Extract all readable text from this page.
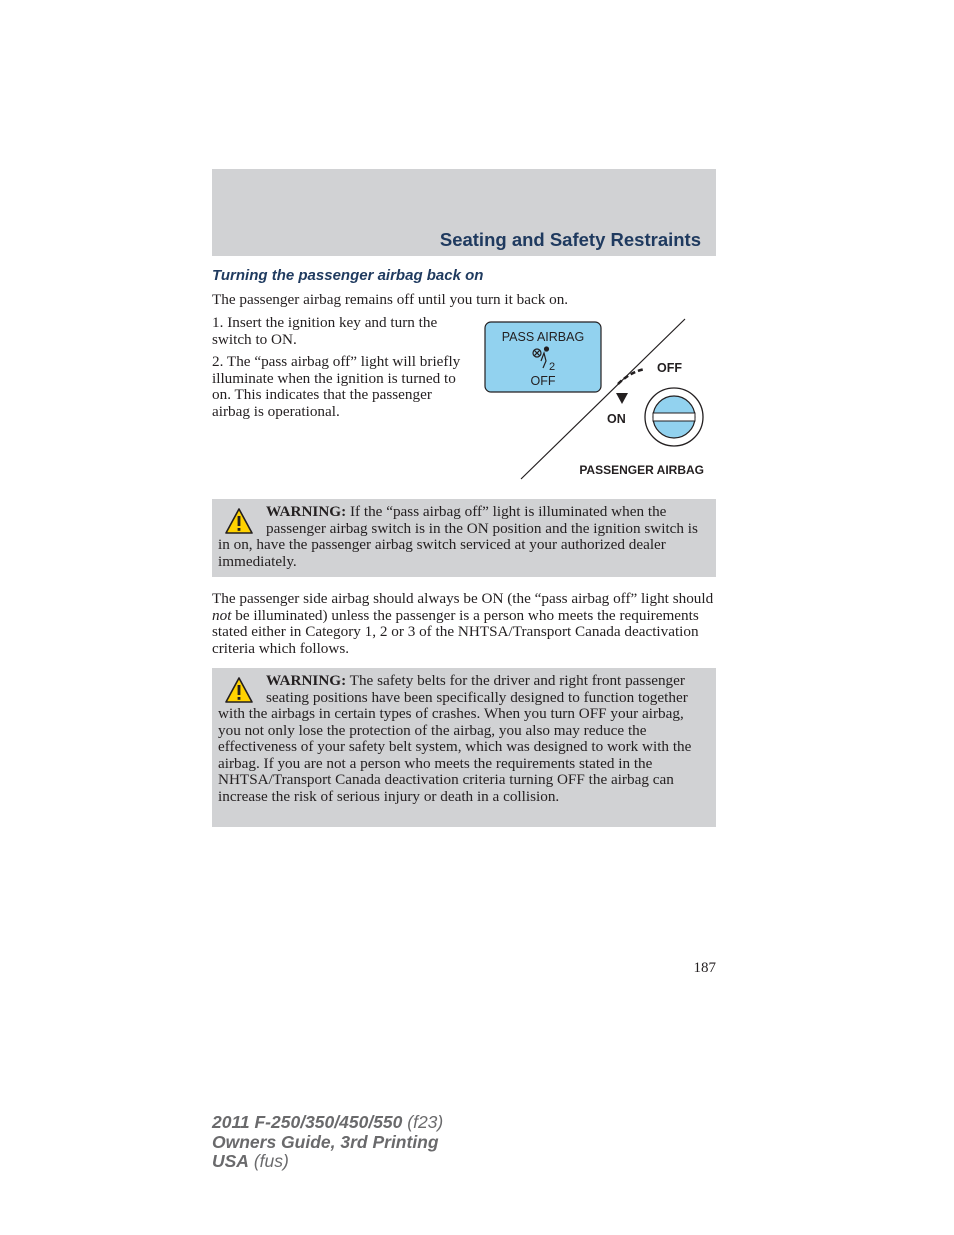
Seating and Safety Restraints
Turning the passenger airbag back on
The passenger airbag remains off until you turn it back on.
1. Insert the ignition key and turn the switch to ON.
2. The “pass airbag off” light will briefly illuminate when the ignition is turned to on. This indicates that the passenger airbag is operational.
PASS AIRBAG
2
OFF
OFF
ON
PASSENGER AIRBAG
WARNING: If the “pass airbag off” light is illuminated when the passenger airbag switch is in the ON position and the ignition switch is in on, have the passenger airbag switch serviced at your authorized dealer immediately.
The passenger side airbag should always be ON (the “pass airbag off” light should not be illuminated) unless the passenger is a person who meets the requirements stated either in Category 1, 2 or 3 of the NHTSA/Transport Canada deactivation criteria which follows.
WARNING: The safety belts for the driver and right front passenger seating positions have been specifically designed to function together with the airbags in certain types of crashes. When you turn OFF your airbag, you not only lose the protection of the airbag, you also may reduce the effectiveness of your safety belt system, which was designed to work with the airbag. If you are not a person who meets the requirements stated in the NHTSA/Transport Canada deactivation criteria turning OFF the airbag can increase the risk of serious injury or death in a collision.
187
2011 F-250/350/450/550 (f23)
Owners Guide, 3rd Printing
USA (fus)
